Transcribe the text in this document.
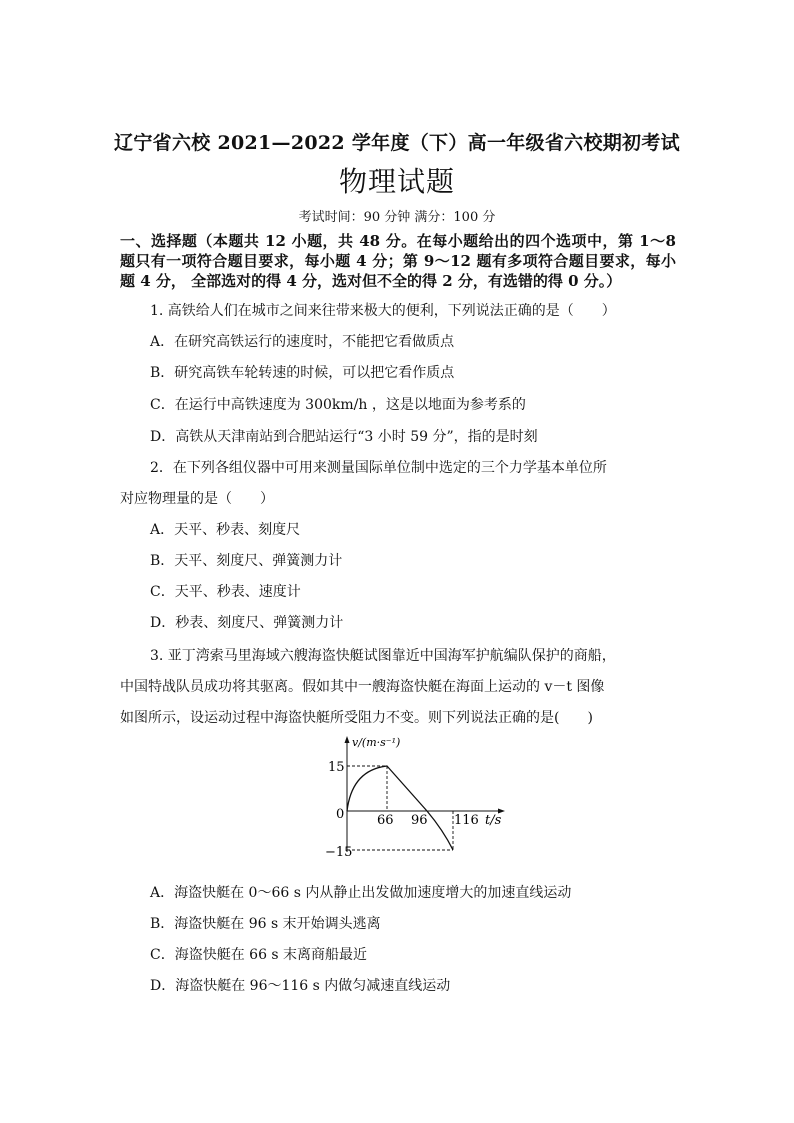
辽宁省六校 2021—2022 学年度（下）高一年级省六校期初考试
物理试题
考试时间：90 分钟 满分：100 分
一、选择题（本题共 12 小题，共 48 分。在每小题给出的四个选项中，第 1～8 题只有一项符合题目要求，每小题 4 分；第 9～12 题有多项符合题目要求，每小题 4 分， 全部选对的得 4 分，选对但不全的得 2 分，有选错的得 0 分。）
1. 高铁给人们在城市之间来往带来极大的便利，下列说法正确的是（　　）
A．在研究高铁运行的速度时，不能把它看做质点
B．研究高铁车轮转速的时候，可以把它看作质点
C．在运行中高铁速度为 300km/h ，这是以地面为参考系的
D．高铁从天津南站到合肥站运行“3 小时 59 分”，指的是时刻
2．在下列各组仪器中可用来测量国际单位制中选定的三个力学基本单位所
对应物理量的是（　　）
A．天平、秒表、刻度尺
B．天平、刻度尺、弹簧测力计
C．天平、秒表、速度计
D．秒表、刻度尺、弹簧测力计
3. 亚丁湾索马里海域六艘海盗快艇试图靠近中国海军护航编队保护的商船，
中国特战队员成功将其驱离。假如其中一艘海盗快艇在海面上运动的 v－t 图像
如图所示，设运动过程中海盗快艇所受阻力不变。则下列说法正确的是(　　)
v/(m·s⁻¹)
15
0	66 96 116 t/s
−15
A．海盗快艇在 0～66 s 内从静止出发做加速度增大的加速直线运动
B．海盗快艇在 96 s 末开始调头逃离
C．海盗快艇在 66 s 末离商船最近
D．海盗快艇在 96～116 s 内做匀减速直线运动
